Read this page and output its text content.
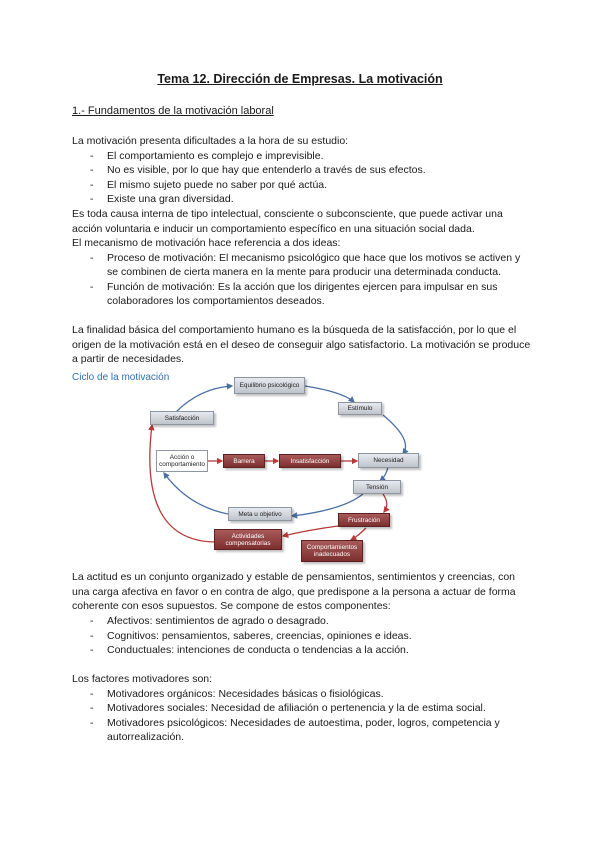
Tema 12. Dirección de Empresas. La motivación
1.- Fundamentos de la motivación laboral

La motivación presenta dificultades a la hora de su estudio:

- El comportamiento es complejo e imprevisible.
- No es visible, por lo que hay que entenderlo a través de sus efectos.
- El mismo sujeto puede no saber por qué actúa.
- Existe una gran diversidad.

Es toda causa interna de tipo intelectual, consciente o subconsciente, que puede activar una acción voluntaria e inducir un comportamiento específico en una situación social dada.

El mecanismo de motivación hace referencia a dos ideas:

- Proceso de motivación: El mecanismo psicológico que hace que los motivos se activen y se combinen de cierta manera en la mente para producir una determinada conducta.
- Función de motivación: Es la acción que los dirigentes ejercen para impulsar en sus colaboradores los comportamientos deseados.

La finalidad básica del comportamiento humano es la búsqueda de la satisfacción, por lo que el origen de la motivación está en el deseo de conseguir algo satisfactorio. La motivación se produce a partir de necesidades.

Ciclo de la motivación
Equilibrio psicológico
Estímulo
Satisfacción
Acción o comportamiento	Barrera	Insatisfacción	Necesidad
Tensión
Meta u objetivo
Frustración
Actividades compensatorias
Comportamientos inadecuados

La actitud es un conjunto organizado y estable de pensamientos, sentimientos y creencias, con una carga afectiva en favor o en contra de algo, que predispone a la persona a actuar de forma coherente con esos supuestos. Se compone de estos componentes:

- Afectivos: sentimientos de agrado o desagrado.
- Cognitivos: pensamientos, saberes, creencias, opiniones e ideas.
- Conductuales: intenciones de conducta o tendencias a la acción.

Los factores motivadores son:

- Motivadores orgánicos: Necesidades básicas o fisiológicas.
- Motivadores sociales: Necesidad de afiliación o pertenencia y la de estima social.
- Motivadores psicológicos: Necesidades de autoestima, poder, logros, competencia y autorrealización.
